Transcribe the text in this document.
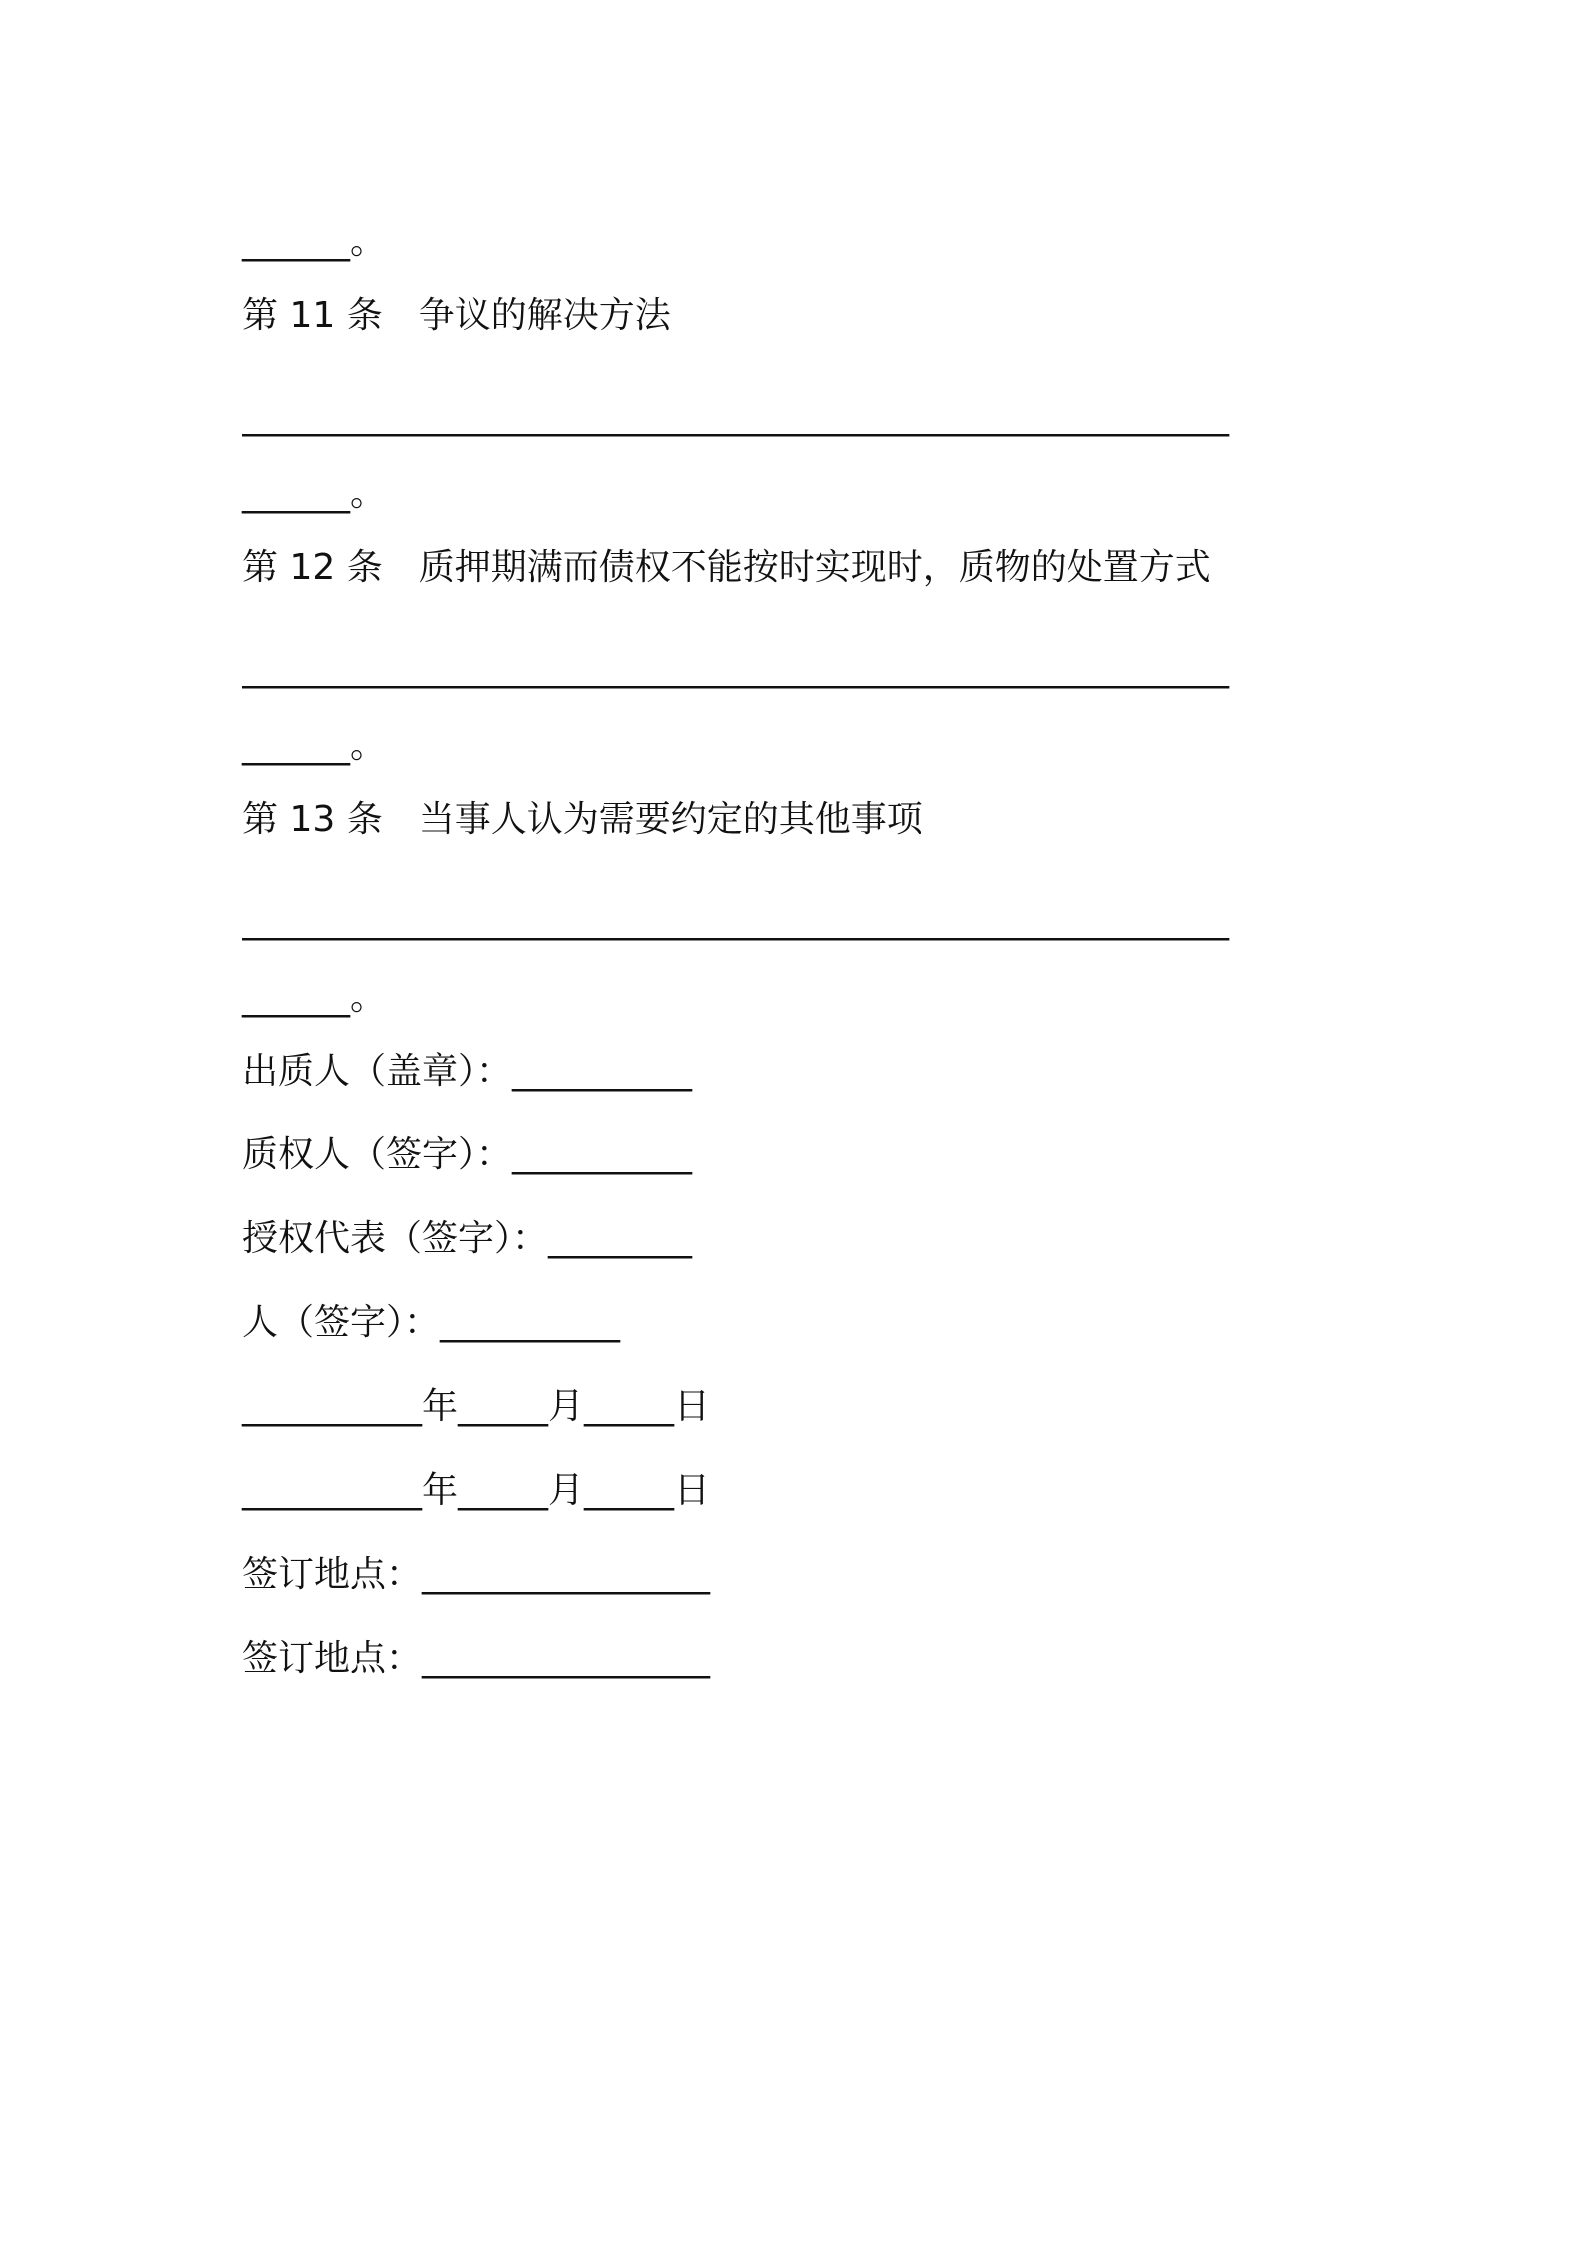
______。
第 11 条　争议的解决方法
__________________________________________________________
______。
第 12 条　质押期满而债权不能按时实现时，质物的处置方式
__________________________________________________________
______。
第 13 条　当事人认为需要约定的其他事项
__________________________________________________________
______。
出质人（盖章）：__________
质权人（签字）：__________
授权代表（签字）：________
人（签字）：__________
__________年_____月_____日
__________年_____月_____日
签订地点：________________
签订地点：________________
